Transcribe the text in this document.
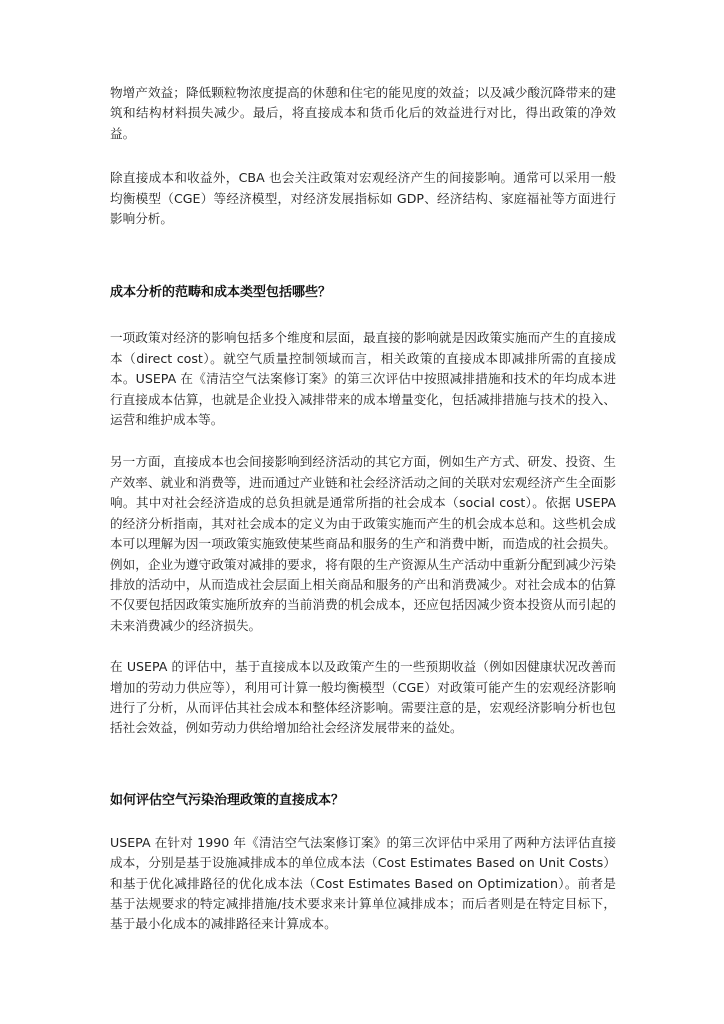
物增产效益；降低颗粒物浓度提高的休憩和住宅的能见度的效益；以及减少酸沉降带来的建筑和结构材料损失减少。最后，将直接成本和货币化后的效益进行对比，得出政策的净效益。

除直接成本和收益外，CBA 也会关注政策对宏观经济产生的间接影响。通常可以采用一般均衡模型（CGE）等经济模型，对经济发展指标如 GDP、经济结构、家庭福祉等方面进行影响分析。

成本分析的范畴和成本类型包括哪些？

一项政策对经济的影响包括多个维度和层面，最直接的影响就是因政策实施而产生的直接成本（direct cost）。就空气质量控制领域而言，相关政策的直接成本即减排所需的直接成本。USEPA 在《清洁空气法案修订案》的第三次评估中按照减排措施和技术的年均成本进行直接成本估算，也就是企业投入减排带来的成本增量变化，包括减排措施与技术的投入、运营和维护成本等。

另一方面，直接成本也会间接影响到经济活动的其它方面，例如生产方式、研发、投资、生产效率、就业和消费等，进而通过产业链和社会经济活动之间的关联对宏观经济产生全面影响。其中对社会经济造成的总负担就是通常所指的社会成本（social cost）。依据 USEPA 的经济分析指南，其对社会成本的定义为由于政策实施而产生的机会成本总和。这些机会成本可以理解为因一项政策实施致使某些商品和服务的生产和消费中断，而造成的社会损失。例如，企业为遵守政策对减排的要求，将有限的生产资源从生产活动中重新分配到减少污染排放的活动中，从而造成社会层面上相关商品和服务的产出和消费减少。对社会成本的估算不仅要包括因政策实施所放弃的当前消费的机会成本，还应包括因减少资本投资从而引起的未来消费减少的经济损失。

在 USEPA 的评估中，基于直接成本以及政策产生的一些预期收益（例如因健康状况改善而增加的劳动力供应等），利用可计算一般均衡模型（CGE）对政策可能产生的宏观经济影响进行了分析，从而评估其社会成本和整体经济影响。需要注意的是，宏观经济影响分析也包括社会效益，例如劳动力供给增加给社会经济发展带来的益处。

如何评估空气污染治理政策的直接成本？

USEPA 在针对 1990 年《清洁空气法案修订案》的第三次评估中采用了两种方法评估直接成本，分别是基于设施减排成本的单位成本法（Cost Estimates Based on Unit Costs）和基于优化减排路径的优化成本法（Cost Estimates Based on Optimization）。前者是基于法规要求的特定减排措施/技术要求来计算单位减排成本；而后者则是在特定目标下，基于最小化成本的减排路径来计算成本。
